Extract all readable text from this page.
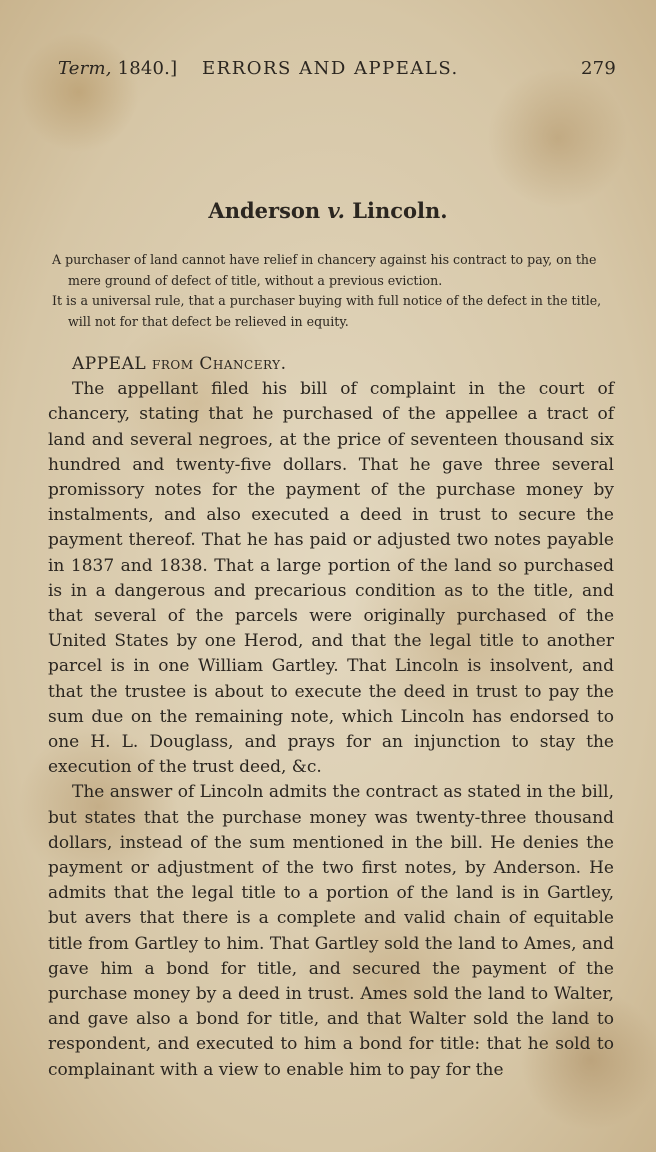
Term, 1840.] ERRORS AND APPEALS.	279
Anderson v. Lincoln.

A purchaser of land cannot have relief in chancery against his contract to pay, on the mere ground of defect of title, without a previous eviction.

It is a universal rule, that a purchaser buying with full notice of the defect in the title, will not for that defect be relieved in equity.

APPEAL from Chancery.

The appellant filed his bill of complaint in the court of chancery, stating that he purchased of the appellee a tract of land and several negroes, at the price of seventeen thousand six hundred and twenty-five dollars. That he gave three several promissory notes for the payment of the purchase money by instalments, and also executed a deed in trust to secure the payment thereof. That he has paid or adjusted two notes payable in 1837 and 1838. That a large portion of the land so purchased is in a dangerous and precarious condition as to the title, and that several of the parcels were originally purchased of the United States by one Herod, and that the legal title to another parcel is in one William Gartley. That Lincoln is insolvent, and that the trustee is about to execute the deed in trust to pay the sum due on the remaining note, which Lincoln has endorsed to one H. L. Douglass, and prays for an injunction to stay the execution of the trust deed, &c.

The answer of Lincoln admits the contract as stated in the bill, but states that the purchase money was twenty-three thousand dollars, instead of the sum mentioned in the bill. He denies the payment or adjustment of the two first notes, by Anderson. He admits that the legal title to a portion of the land is in Gartley, but avers that there is a complete and valid chain of equitable title from Gartley to him. That Gartley sold the land to Ames, and gave him a bond for title, and secured the payment of the purchase money by a deed in trust. Ames sold the land to Walter, and gave also a bond for title, and that Walter sold the land to respondent, and executed to him a bond for title: that he sold to complainant with a view to enable him to pay for the
